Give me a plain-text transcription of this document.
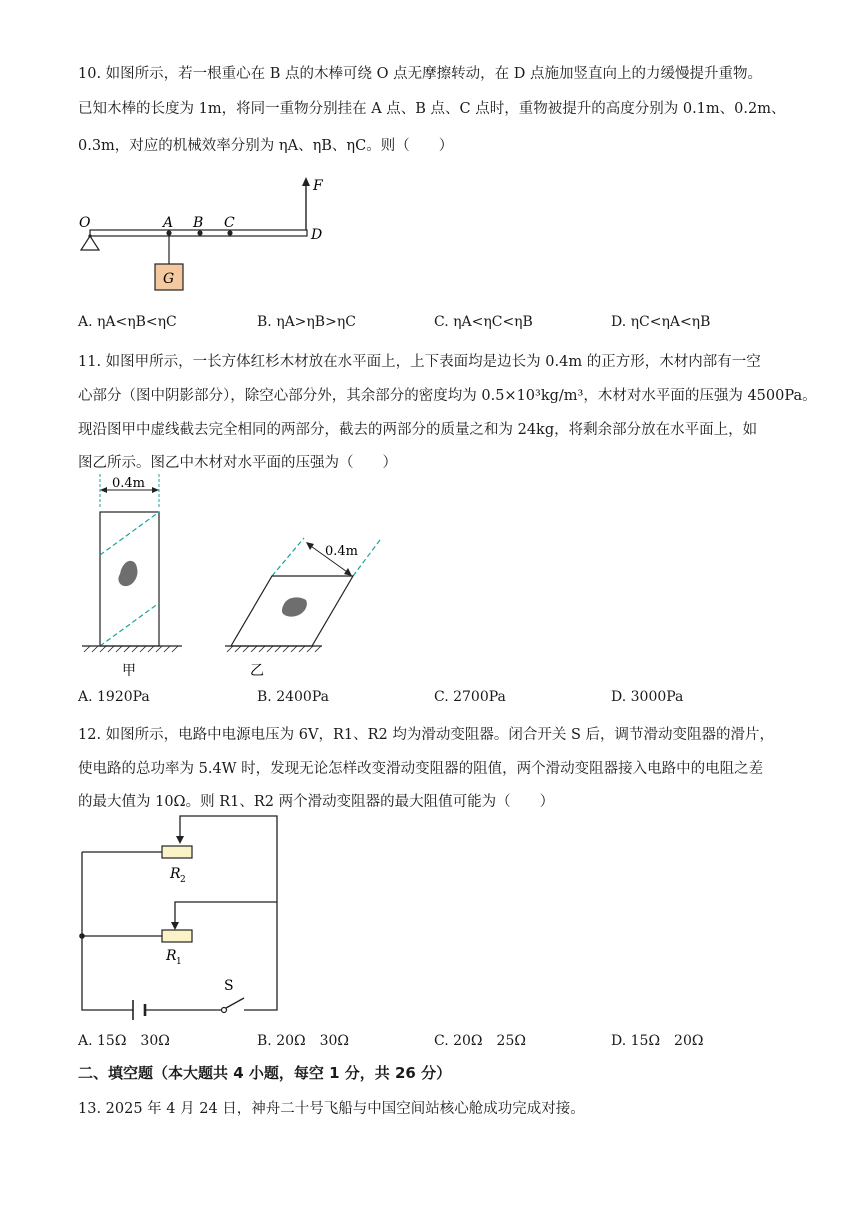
10. 如图所示，若一根重心在 B 点的木棒可绕 O 点无摩擦转动，在 D 点施加竖直向上的力缓慢提升重物。
已知木棒的长度为 1m，将同一重物分别挂在 A 点、B 点、C 点时，重物被提升的高度分别为 0.1m、0.2m、
0.3m，对应的机械效率分别为 ηA、ηB、ηC。则（　　）
O	A B C
D
F
G
A. ηA<ηB<ηC	B. ηA>ηB>ηC	C. ηA<ηC<ηB	D. ηC<ηA<ηB
11. 如图甲所示，一长方体红杉木材放在水平面上，上下表面均是边长为 0.4m 的正方形，木材内部有一空
心部分（图中阴影部分），除空心部分外，其余部分的密度均为 0.5×10³kg/m³，木材对水平面的压强为 4500Pa。
现沿图甲中虚线截去完全相同的两部分，截去的两部分的质量之和为 24kg，将剩余部分放在水平面上，如
图乙所示。图乙中木材对水平面的压强为（　　）
0.4m
甲
0.4m
乙
A. 1920Pa	B. 2400Pa	C. 2700Pa	D. 3000Pa
12. 如图所示，电路中电源电压为 6V，R1、R2 均为滑动变阻器。闭合开关 S 后，调节滑动变阻器的滑片，
使电路的总功率为 5.4W 时，发现无论怎样改变滑动变阻器的阻值，两个滑动变阻器接入电路中的电阻之差
的最大值为 10Ω。则 R1、R2 两个滑动变阻器的最大阻值可能为（　　）
R 2
R 1
S
A. 15Ω　30Ω	B. 20Ω　30Ω	C. 20Ω　25Ω	D. 15Ω　20Ω
二、填空题（本大题共 4 小题，每空 1 分，共 26 分）
13. 2025 年 4 月 24 日，神舟二十号飞船与中国空间站核心舱成功完成对接。
